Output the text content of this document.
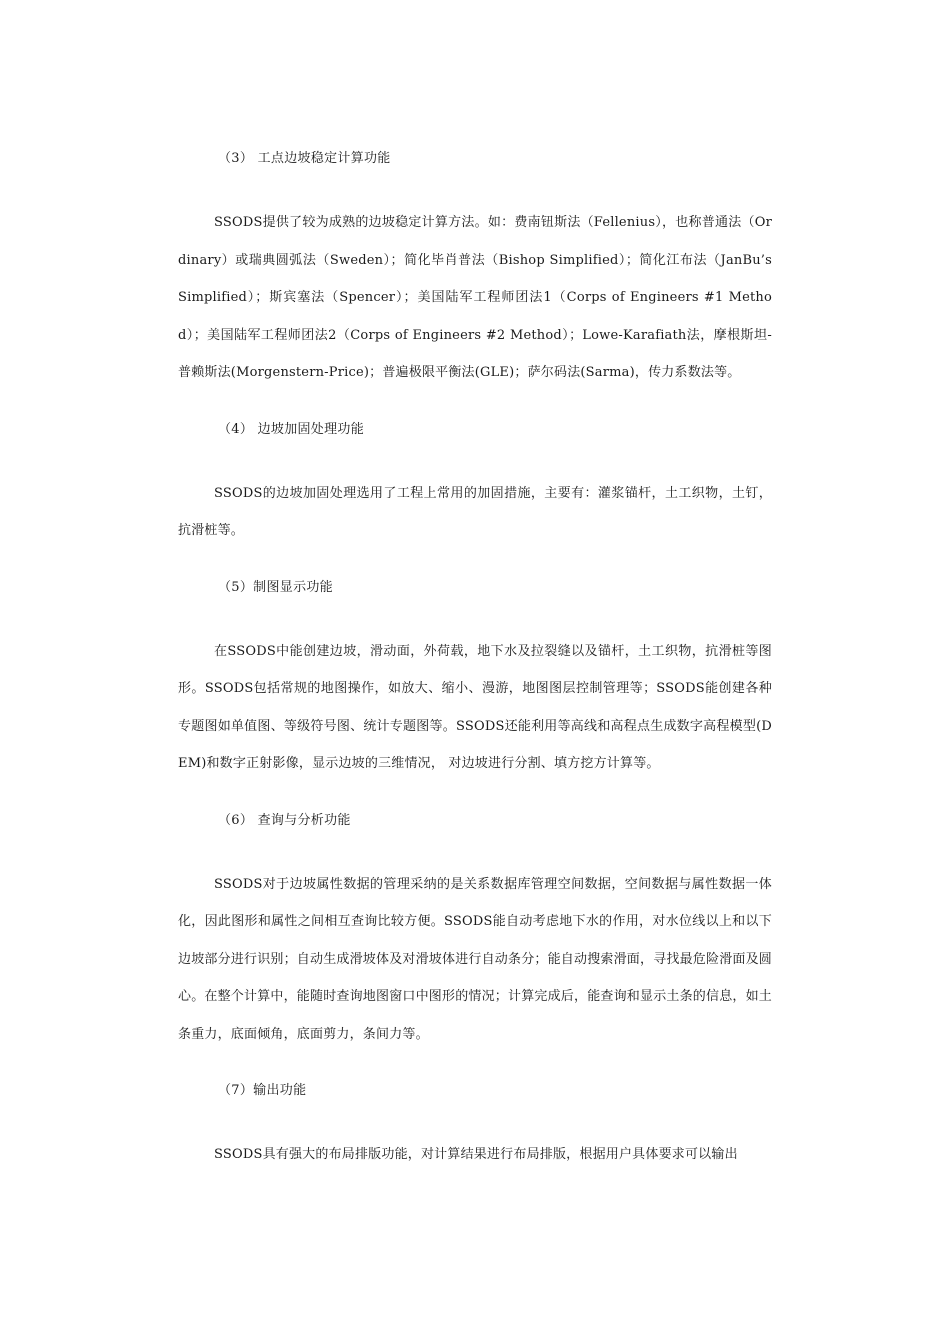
（3） 工点边坡稳定计算功能

SSODS提供了较为成熟的边坡稳定计算方法。如：费南钮斯法（Fellenius），也称普通法（Ordinary）或瑞典圆弧法（Sweden）；简化毕肖普法（Bishop Simplified）；简化江布法（JanBu’s Simplified）；斯宾塞法（Spencer）；美国陆军工程师团法1（Corps of Engineers #1 Method）；美国陆军工程师团法2（Corps of Engineers #2 Method）；Lowe-Karafiath法，摩根斯坦-普赖斯法(Morgenstern-Price)；普遍极限平衡法(GLE)；萨尔码法(Sarma)，传力系数法等。

（4） 边坡加固处理功能

SSODS的边坡加固处理选用了工程上常用的加固措施，主要有：灌浆锚杆，土工织物，土钉，抗滑桩等。

（5）制图显示功能

在SSODS中能创建边坡，滑动面，外荷载，地下水及拉裂缝以及锚杆，土工织物，抗滑桩等图形。SSODS包括常规的地图操作，如放大、缩小、漫游，地图图层控制管理等；SSODS能创建各种专题图如单值图、等级符号图、统计专题图等。SSODS还能利用等高线和高程点生成数字高程模型(DEM)和数字正射影像，显示边坡的三维情况， 对边坡进行分割、填方挖方计算等。

（6） 查询与分析功能

SSODS对于边坡属性数据的管理采纳的是关系数据库管理空间数据，空间数据与属性数据一体化，因此图形和属性之间相互查询比较方便。SSODS能自动考虑地下水的作用，对水位线以上和以下边坡部分进行识别；自动生成滑坡体及对滑坡体进行自动条分；能自动搜索滑面，寻找最危险滑面及圆心。在整个计算中，能随时查询地图窗口中图形的情况；计算完成后，能查询和显示土条的信息，如土条重力，底面倾角，底面剪力，条间力等。

（7）输出功能

SSODS具有强大的布局排版功能，对计算结果进行布局排版，根据用户具体要求可以输出
